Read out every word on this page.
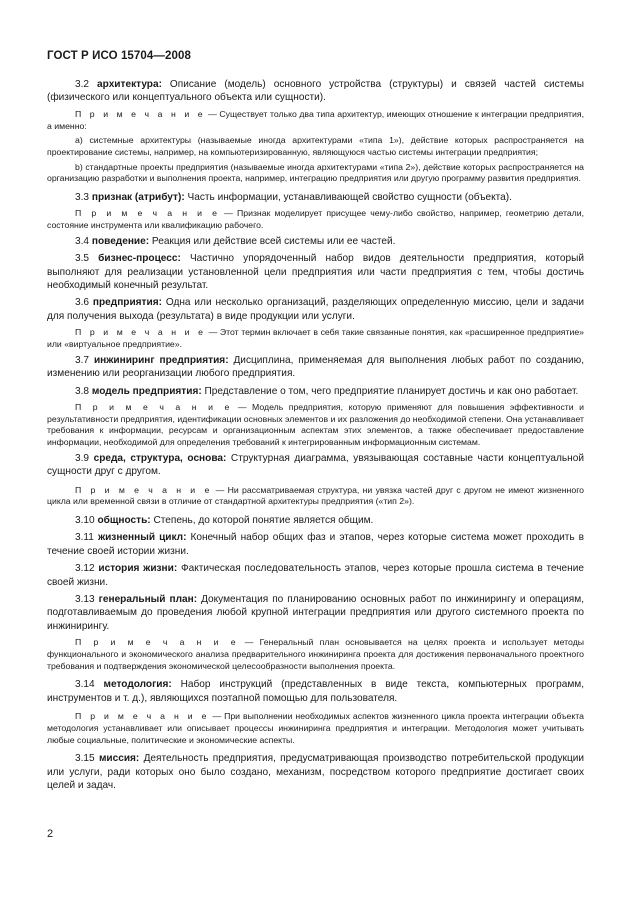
ГОСТ Р ИСО 15704—2008

3.2 архитектура: Описание (модель) основного устройства (структуры) и связей частей системы (физического или концептуального объекта или сущности).

П р и м е ч а н и е — Существует только два типа архитектур, имеющих отношение к интеграции предприятия, а именно:

a) системные архитектуры (называемые иногда архитектурами «типа 1»), действие которых распространяется на проектирование системы, например, на компьютеризированную, являющуюся частью системы интеграции предприятия;

b) стандартные проекты предприятия (называемые иногда архитектурами «типа 2»), действие которых распространяется на организацию разработки и выполнения проекта, например, интеграцию предприятия или другую программу развития предприятия.

3.3 признак (атрибут): Часть информации, устанавливающей свойство сущности (объекта).

П р и м е ч а н и е — Признак моделирует присущее чему-либо свойство, например, геометрию детали, состояние инструмента или квалификацию рабочего.

3.4 поведение: Реакция или действие всей системы или ее частей.

3.5 бизнес-процесс: Частично упорядоченный набор видов деятельности предприятия, который выполняют для реализации установленной цели предприятия или части предприятия с тем, чтобы достичь необходимый конечный результат.

3.6 предприятия: Одна или несколько организаций, разделяющих определенную миссию, цели и задачи для получения выхода (результата) в виде продукции или услуги.

П р и м е ч а н и е — Этот термин включает в себя такие связанные понятия, как «расширенное предприятие» или «виртуальное предприятие».

3.7 инжиниринг предприятия: Дисциплина, применяемая для выполнения любых работ по созданию, изменению или реорганизации любого предприятия.

3.8 модель предприятия: Представление о том, чего предприятие планирует достичь и как оно работает.

П р и м е ч а н и е — Модель предприятия, которую применяют для повышения эффективности и результативности предприятия, идентификации основных элементов и их разложения до необходимой степени. Она устанавливает требования к информации, ресурсам и организационным аспектам этих элементов, а также обеспечивает предоставление информации, необходимой для определения требований к интегрированным информационным системам.

3.9 среда, структура, основа: Структурная диаграмма, увязывающая составные части концептуальной сущности друг с другом.

П р и м е ч а н и е — Ни рассматриваемая структура, ни увязка частей друг с другом не имеют жизненного цикла или временной связи в отличие от стандартной архитектуры предприятия («тип 2»).

3.10 общность: Степень, до которой понятие является общим.

3.11 жизненный цикл: Конечный набор общих фаз и этапов, через которые система может проходить в течение своей истории жизни.

3.12 история жизни: Фактическая последовательность этапов, через которые прошла система в течение своей жизни.

3.13 генеральный план: Документация по планированию основных работ по инжинирингу и операциям, подготавливаемым до проведения любой крупной интеграции предприятия или другого системного проекта по инжинирингу.

П р и м е ч а н и е — Генеральный план основывается на целях проекта и использует методы функционального и экономического анализа предварительного инжиниринга проекта для достижения первоначального проектного требования и подтверждения экономической целесообразности выполнения проекта.

3.14 методология: Набор инструкций (представленных в виде текста, компьютерных программ, инструментов и т. д.), являющихся поэтапной помощью для пользователя.

П р и м е ч а н и е — При выполнении необходимых аспектов жизненного цикла проекта интеграции объекта методология устанавливает или описывает процессы инжиниринга предприятия и интеграции. Методология может учитывать любые социальные, политические и экономические аспекты.

3.15 миссия: Деятельность предприятия, предусматривающая производство потребительской продукции или услуги, ради которых оно было создано, механизм, посредством которого предприятие достигает своих целей и задач.

2
